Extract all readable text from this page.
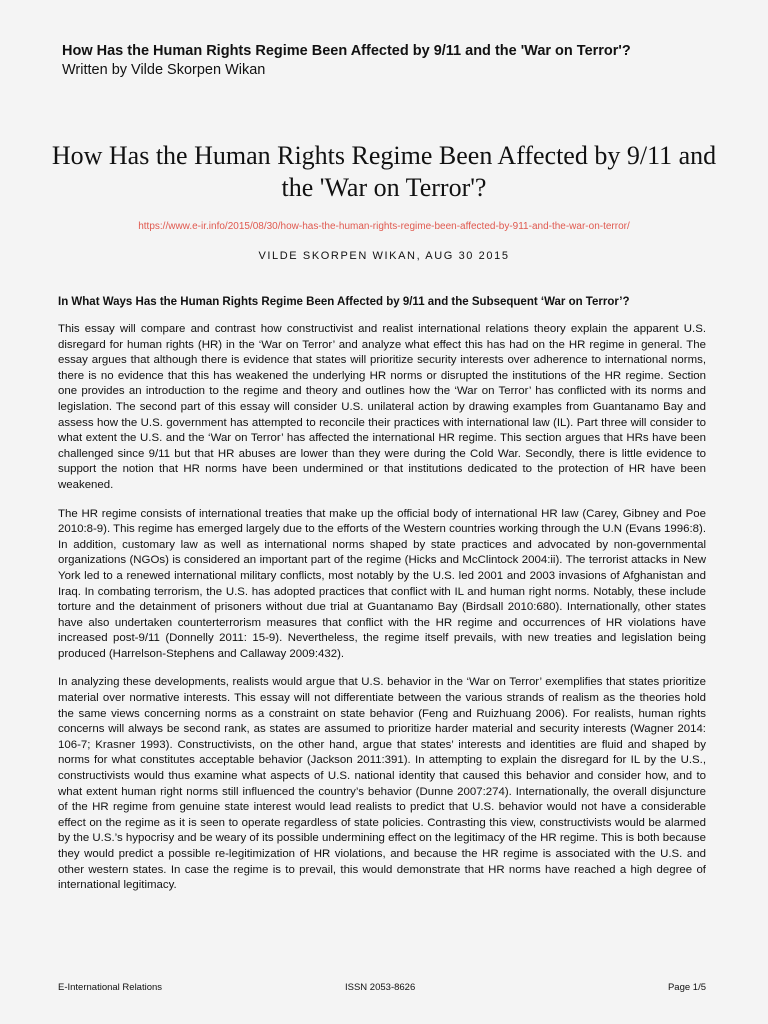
How Has the Human Rights Regime Been Affected by 9/11 and the 'War on Terror'?
Written by Vilde Skorpen Wikan
How Has the Human Rights Regime Been Affected by 9/11 and the 'War on Terror'?
https://www.e-ir.info/2015/08/30/how-has-the-human-rights-regime-been-affected-by-911-and-the-war-on-terror/
VILDE SKORPEN WIKAN, AUG 30 2015
In What Ways Has the Human Rights Regime Been Affected by 9/11 and the Subsequent ‘War on Terror’?

This essay will compare and contrast how constructivist and realist international relations theory explain the apparent U.S. disregard for human rights (HR) in the ‘War on Terror’ and analyze what effect this has had on the HR regime in general. The essay argues that although there is evidence that states will prioritize security interests over adherence to international norms, there is no evidence that this has weakened the underlying HR norms or disrupted the institutions of the HR regime. Section one provides an introduction to the regime and theory and outlines how the ‘War on Terror’ has conflicted with its norms and legislation. The second part of this essay will consider U.S. unilateral action by drawing examples from Guantanamo Bay and assess how the U.S. government has attempted to reconcile their practices with international law (IL). Part three will consider to what extent the U.S. and the ‘War on Terror’ has affected the international HR regime. This section argues that HRs have been challenged since 9/11 but that HR abuses are lower than they were during the Cold War. Secondly, there is little evidence to support the notion that HR norms have been undermined or that institutions dedicated to the protection of HR have been weakened.

The HR regime consists of international treaties that make up the official body of international HR law (Carey, Gibney and Poe 2010:8-9). This regime has emerged largely due to the efforts of the Western countries working through the U.N (Evans 1996:8). In addition, customary law as well as international norms shaped by state practices and advocated by non-governmental organizations (NGOs) is considered an important part of the regime (Hicks and McClintock 2004:ii). The terrorist attacks in New York led to a renewed international military conflicts, most notably by the U.S. led 2001 and 2003 invasions of Afghanistan and Iraq. In combating terrorism, the U.S. has adopted practices that conflict with IL and human right norms. Notably, these include torture and the detainment of prisoners without due trial at Guantanamo Bay (Birdsall 2010:680). Internationally, other states have also undertaken counterterrorism measures that conflict with the HR regime and occurrences of HR violations have increased post-9/11 (Donnelly 2011: 15-9). Nevertheless, the regime itself prevails, with new treaties and legislation being produced (Harrelson-Stephens and Callaway 2009:432).

In analyzing these developments, realists would argue that U.S. behavior in the ‘War on Terror’ exemplifies that states prioritize material over normative interests. This essay will not differentiate between the various strands of realism as the theories hold the same views concerning norms as a constraint on state behavior (Feng and Ruizhuang 2006). For realists, human rights concerns will always be second rank, as states are assumed to prioritize harder material and security interests (Wagner 2014: 106-7; Krasner 1993). Constructivists, on the other hand, argue that states’ interests and identities are fluid and shaped by norms for what constitutes acceptable behavior (Jackson 2011:391). In attempting to explain the disregard for IL by the U.S., constructivists would thus examine what aspects of U.S. national identity that caused this behavior and consider how, and to what extent human right norms still influenced the country’s behavior (Dunne 2007:274). Internationally, the overall disjuncture of the HR regime from genuine state interest would lead realists to predict that U.S. behavior would not have a considerable effect on the regime as it is seen to operate regardless of state policies. Contrasting this view, constructivists would be alarmed by the U.S.’s hypocrisy and be weary of its possible undermining effect on the legitimacy of the HR regime. This is both because they would predict a possible re-legitimization of HR violations, and because the HR regime is associated with the U.S. and other western states. In case the regime is to prevail, this would demonstrate that HR norms have reached a high degree of international legitimacy.

E-International Relations	ISSN 2053-8626	Page 1/5
